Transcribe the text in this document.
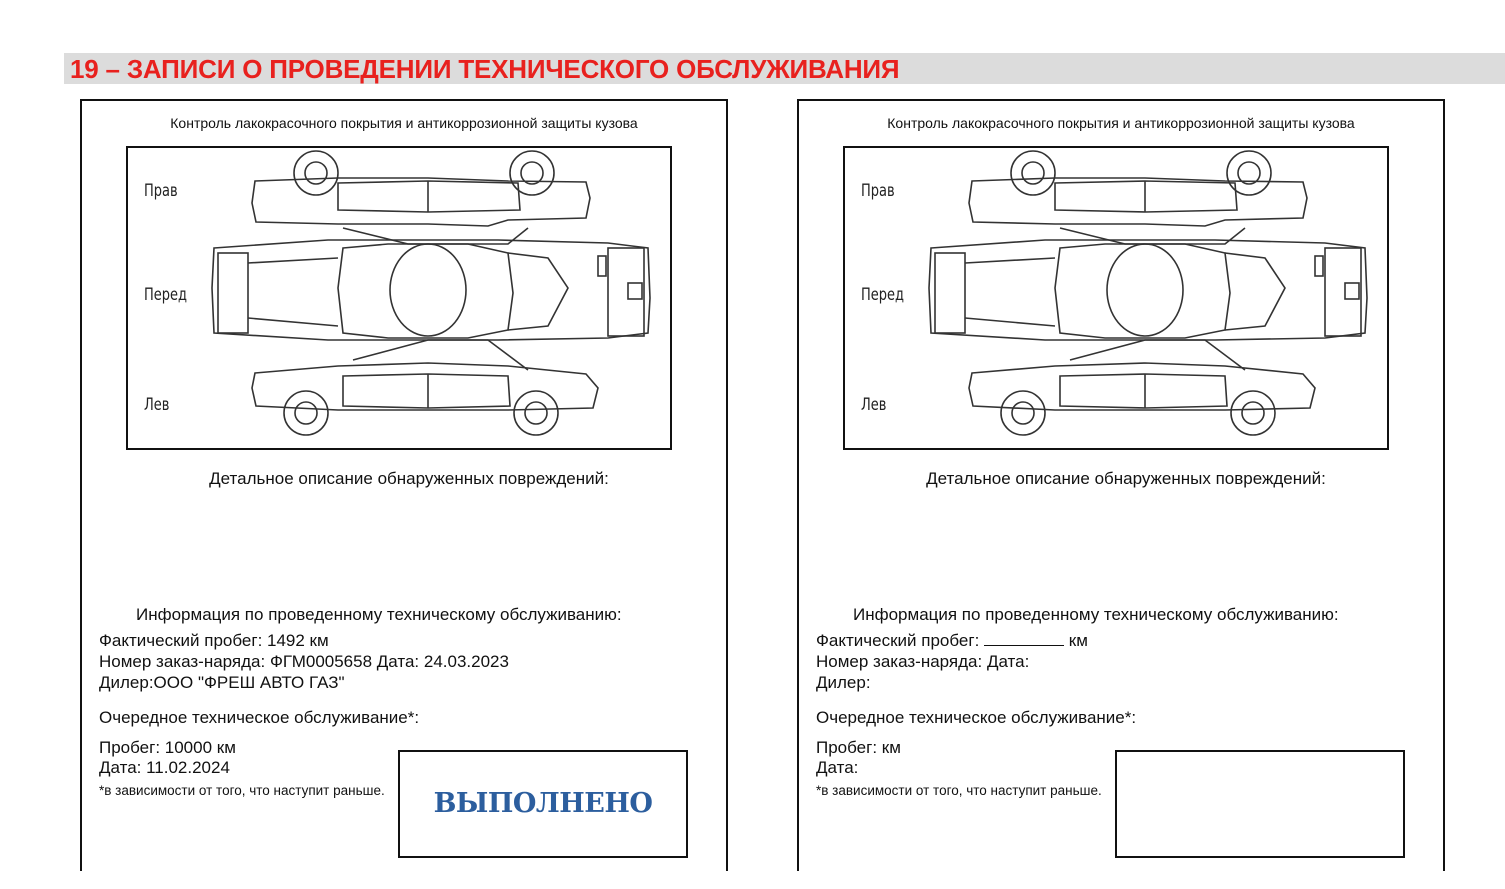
19 – ЗАПИСИ О ПРОВЕДЕНИИ ТЕХНИЧЕСКОГО ОБСЛУЖИВАНИЯ
Контроль лакокрасочного покрытия и антикоррозионной защиты кузова
Прав
Перед
Лев
Детальное описание обнаруженных повреждений:
Информация по проведенному техническому обслуживанию:
Фактический пробег: 1492 км
Номер заказ-наряда: ФГМ0005658 Дата: 24.03.2023
Дилер:ООО "ФРЕШ АВТО ГАЗ"
Очередное техническое обслуживание*:
Пробег: 10000 км
Дата: 11.02.2024
*в зависимости от того, что наступит раньше.	ВЫПОЛНЕНО
Контроль лакокрасочного покрытия и антикоррозионной защиты кузова
Прав
Перед
Лев
Детальное описание обнаруженных повреждений:
Информация по проведенному техническому обслуживанию:
Фактический пробег:	км
Номер заказ-наряда: Дата:
Дилер:
Очередное техническое обслуживание*:
Пробег: км
Дата:
*в зависимости от того, что наступит раньше.
